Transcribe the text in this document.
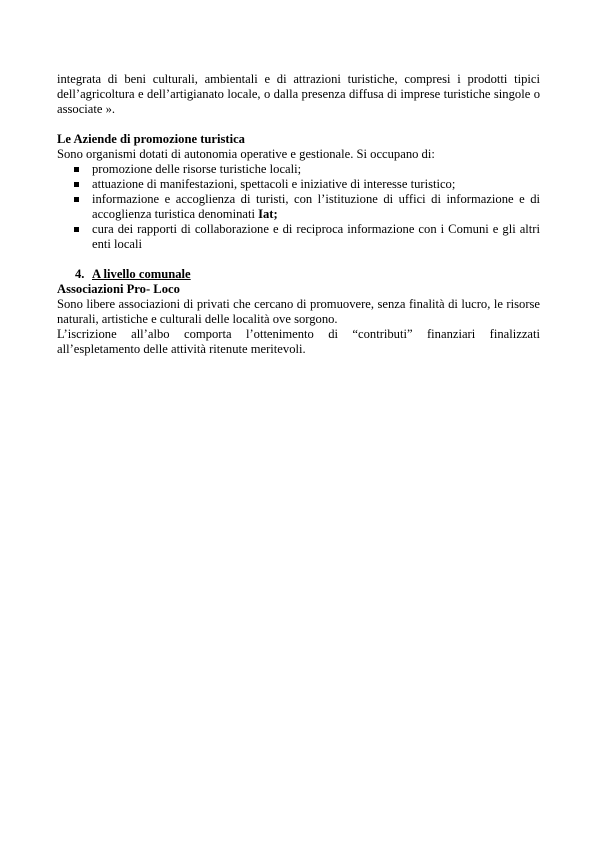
integrata di beni culturali, ambientali e di attrazioni turistiche, compresi i prodotti tipici dell’agricoltura e dell’artigianato locale, o dalla presenza diffusa di imprese turistiche singole o associate ».

Le Aziende di promozione turistica
Sono organismi dotati di autonomia operative e gestionale. Si occupano di:
promozione delle risorse turistiche locali;
attuazione di manifestazioni, spettacoli e iniziative di interesse turistico;
informazione e accoglienza di turisti, con l’istituzione di uffici di informazione e di accoglienza turistica denominati Iat;
cura dei rapporti di collaborazione e di reciproca informazione con i Comuni e gli altri enti locali
4. A livello comunale
Associazioni Pro- Loco
Sono libere associazioni di privati che cercano di promuovere, senza finalità di lucro, le risorse naturali, artistiche e culturali delle località ove sorgono.
L’iscrizione all’albo comporta l’ottenimento di “contributi” finanziari finalizzati all’espletamento delle attività ritenute meritevoli.
